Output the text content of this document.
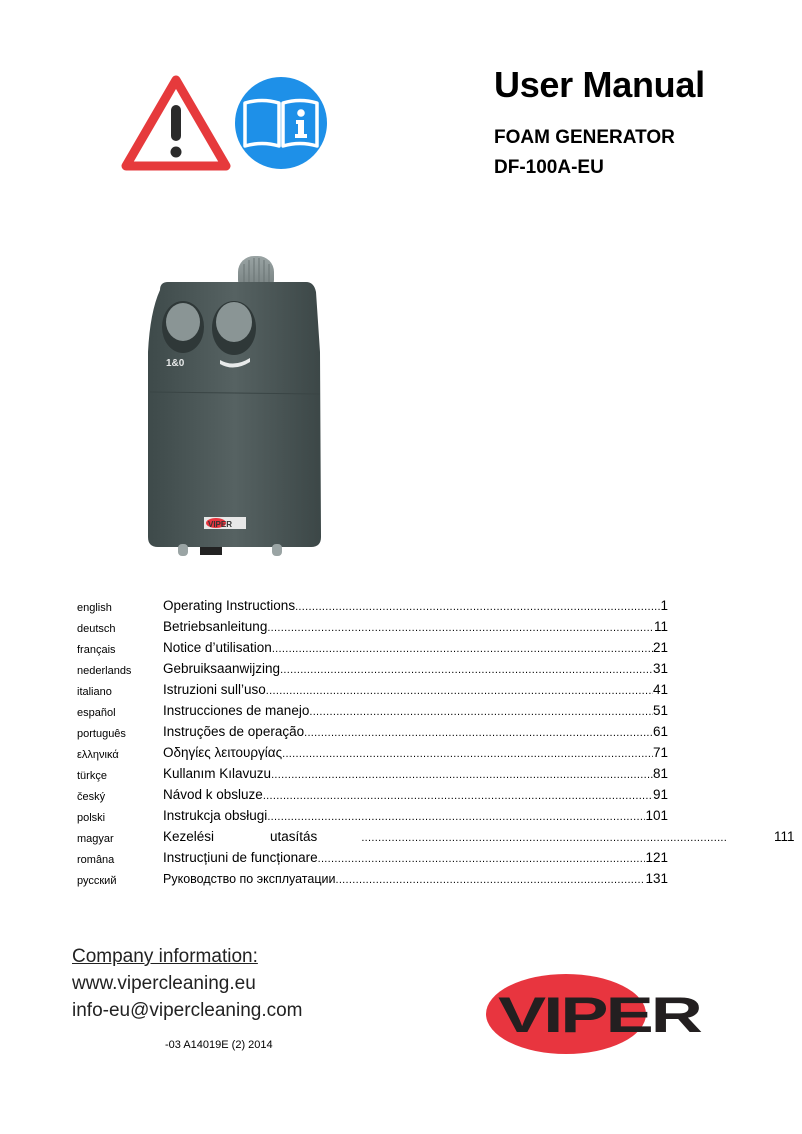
User Manual
FOAM GENERATOR
DF-100A-EU
1&0
VIPER
english	Operating Instructions .....	1
deutsch	Betriebsanleitung .....	11
français	Notice d’utilisation .....	21
nederlands Gebruiksaanwijzing .....	31
italiano	Istruzioni sull’uso .....	41
español	Instrucciones de manejo .....	51
português	Instruções de operação .....	61
ελληνικά	Οδηγίες λειτουργίας .....	71
türkçe	Kullanım Kılavuzu .....	81
český	Návod k obsluze .....	91
polski	Instrukcja obsługi .....	101
magyar	Kezelési	utasítás .....	111
româna	Instrucțiuni de funcționare .....	121
русский	Руководство по эксплуатации .....	131
Company information:
www.vipercleaning.eu
info-eu@vipercleaning.com
-03 A14019E (2) 2014
VIPER
